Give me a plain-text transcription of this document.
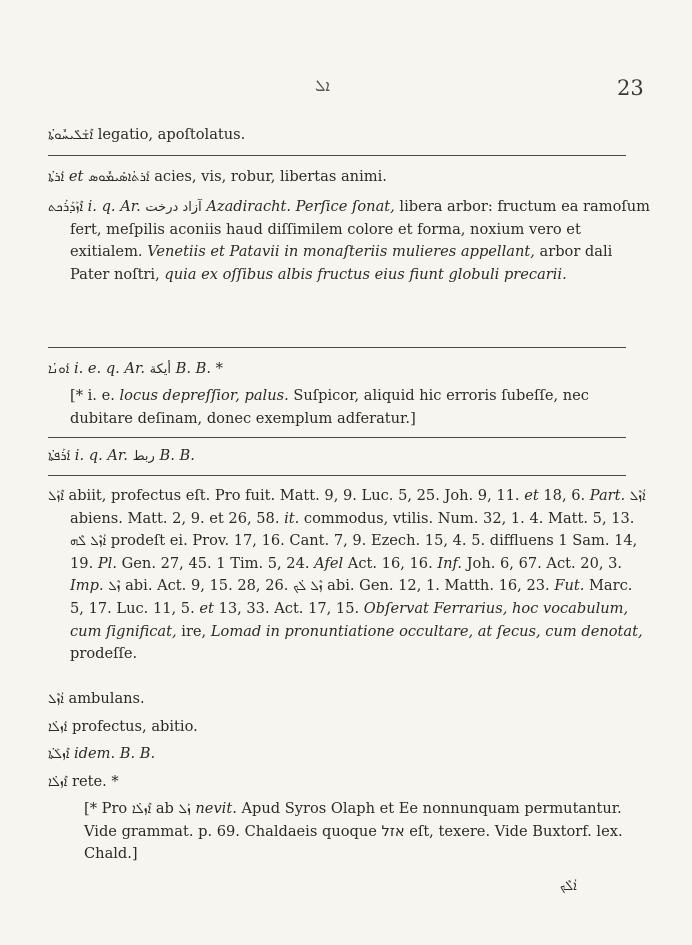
ܐܠ	23
ܐܶܫܰܠܺܝܚܽܘܬܳܐ legatio, apoſtolatus.
ܐܰܪܬܳܐ et ܐܰܪܬܳܐܣܺܝܡܽܘܣ acies, vis, robur, libertas animi.

ܐܶܙܰܕܰܪܰܟܬ i. q. Ar. آزاد درخت Azadiracht. Perſice ſonat, libera arbor: fructum ea ramoſum fert, meſpilis aconiis haud diſſimilem colore et forma, noxium vero et exitialem. Venetiis et Patavii in monaſteriis mulieres appellant, arbor dali Pater noſtri, quia ex oſſibus albis fructus eius fiunt globuli precarii.

ܐܰܘܢܳܐ i. e. q. Ar. أيكة B. B. *

[* i. e. locus depreſſior, palus. Suſpicor, aliquid hic erroris ſubeſſe, nec dubitare deſinam, donec exemplum adferatur.]

ܐܰܪܰܦܬܳܐ i. q. Ar. ربط B. B.

ܐܶܙܰܠ abiit, profectus eſt. Pro fuit. Matt. 9, 9. Luc. 5, 25. Joh. 9, 11. et 18, 6. Part. ܐܳܙܶܠ abiens. Matt. 2, 9. et 26, 58. it. commodus, vtilis. Num. 32, 1. 4. Matt. 5, 13. ܐܳܙܶܠ ܠܶܗ prodeſt ei. Prov. 17, 16. Cant. 7, 9. Ezech. 15, 4. 5. diffluens 1 Sam. 14, 19. Pl. Gen. 27, 45. 1 Tim. 5, 24. Afel Act. 16, 16. Inf. Joh. 6, 67. Act. 20, 3. Imp. ܙܶܠ abi. Act. 9, 15. 28, 26. ܙܶܠ ܠܳܟ abi. Gen. 12, 1. Matth. 16, 23. Fut. Marc. 5, 17. Luc. 11, 5. et 13, 33. Act. 17, 15. Obſervat Ferrarius, hoc vocabulum, cum ſignificat, ire, Lomad in pronuntiatione occultare, at ſecus, cum denotat, prodeſſe.

ܐܳܙܶܠ ambulans.
ܐܰܙܠܳܐ profectus, abitio.
ܐܶܙܠܰܬܳܐ idem. B. B.
ܐܶܙܠܳܐ rete. *

[* Pro ܐܶܙܠܳܐ ab ܙܰܠ nevit. Apud Syros Olaph et Ee nonnunquam permutantur. Vide grammat. p. 69. Chaldaeis quoque אזל eſt, texere. Vide Buxtorf. lex. Chald.]

ܐܳܠܶܟ
